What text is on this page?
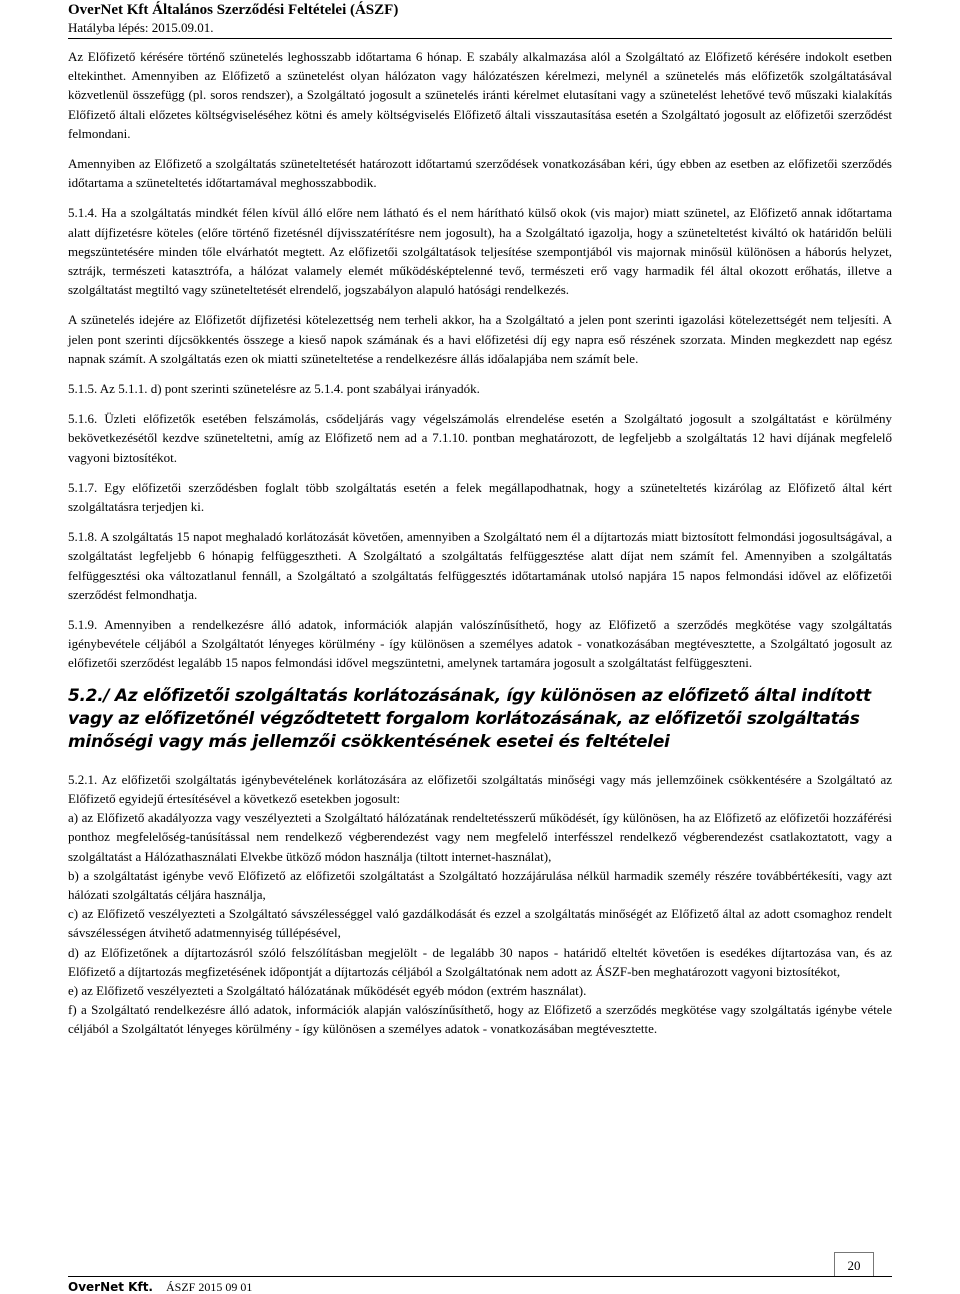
OverNet Kft Általános Szerződési Feltételei (ÁSZF)
Hatályba lépés: 2015.09.01.

Az Előfizető kérésére történő szünetelés leghosszabb időtartama 6 hónap. E szabály alkalmazása alól a Szolgáltató az Előfizető kérésére indokolt esetben eltekinthet. Amennyiben az Előfizető a szünetelést olyan hálózaton vagy hálózatészen kérelmezi, melynél a szünetelés más előfizetők szolgáltatásával közvetlenül összefügg (pl. soros rendszer), a Szolgáltató jogosult a szünetelés iránti kérelmet elutasítani vagy a szünetelést lehetővé tevő műszaki kialakítás Előfizető általi előzetes költségviseléséhez kötni és amely költségviselés Előfizető általi visszautasítása esetén a Szolgáltató jogosult az előfizetői szerződést felmondani.

Amennyiben az Előfizető a szolgáltatás szüneteltetését határozott időtartamú szerződések vonatkozásában kéri, úgy ebben az esetben az előfizetői szerződés időtartama a szüneteltetés időtartamával meghosszabbodik.

5.1.4. Ha a szolgáltatás mindkét félen kívül álló előre nem látható és el nem hárítható külső okok (vis major) miatt szünetel, az Előfizető annak időtartama alatt díjfizetésre köteles (előre történő fizetésnél díjvisszatérítésre nem jogosult), ha a Szolgáltató igazolja, hogy a szüneteltetést kiváltó ok határidőn belüli megszüntetésére minden tőle elvárhatót megtett. Az előfizetői szolgáltatások teljesítése szempontjából vis majornak minősül különösen a háborús helyzet, sztrájk, természeti katasztrófa, a hálózat valamely elemét működésképtelenné tevő, természeti erő vagy harmadik fél által okozott erőhatás, illetve a szolgáltatást megtiltó vagy szüneteltetését elrendelő, jogszabályon alapuló hatósági rendelkezés.

A szünetelés idejére az Előfizetőt díjfizetési kötelezettség nem terheli akkor, ha a Szolgáltató a jelen pont szerinti igazolási kötelezettségét nem teljesíti. A jelen pont szerinti díjcsökkentés összege a kieső napok számának és a havi előfizetési díj egy napra eső részének szorzata. Minden megkezdett nap egész napnak számít. A szolgáltatás ezen ok miatti szüneteltetése a rendelkezésre állás időalapjába nem számít bele.

5.1.5. Az 5.1.1. d) pont szerinti szünetelésre az 5.1.4. pont szabályai irányadók.

5.1.6. Üzleti előfizetők esetében felszámolás, csődeljárás vagy végelszámolás elrendelése esetén a Szolgáltató jogosult a szolgáltatást e körülmény bekövetkezésétől kezdve szüneteltetni, amíg az Előfizető nem ad a 7.1.10. pontban meghatározott, de legfeljebb a szolgáltatás 12 havi díjának megfelelő vagyoni biztosítékot.

5.1.7. Egy előfizetői szerződésben foglalt több szolgáltatás esetén a felek megállapodhatnak, hogy a szüneteltetés kizárólag az Előfizető által kért szolgáltatásra terjedjen ki.

5.1.8. A szolgáltatás 15 napot meghaladó korlátozását követően, amennyiben a Szolgáltató nem él a díjtartozás miatt biztosított felmondási jogosultságával, a szolgáltatást legfeljebb 6 hónapig felfüggesztheti. A Szolgáltató a szolgáltatás felfüggesztése alatt díjat nem számít fel. Amennyiben a szolgáltatás felfüggesztési oka változatlanul fennáll, a Szolgáltató a szolgáltatás felfüggesztés időtartamának utolsó napjára 15 napos felmondási idővel az előfizetői szerződést felmondhatja.

5.1.9. Amennyiben a rendelkezésre álló adatok, információk alapján valószínűsíthető, hogy az Előfizető a szerződés megkötése vagy szolgáltatás igénybevétele céljából a Szolgáltatót lényeges körülmény - így különösen a személyes adatok - vonatkozásában megtévesztette, a Szolgáltató jogosult az előfizetői szerződést legalább 15 napos felmondási idővel megszüntetni, amelynek tartamára jogosult a szolgáltatást felfüggeszteni.

5.2./ Az előfizetői szolgáltatás korlátozásának, így különösen az előfizető által indított vagy az előfizetőnél végződtetett forgalom korlátozásának, az előfizetői szolgáltatás minőségi vagy más jellemzői csökkentésének esetei és feltételei

5.2.1. Az előfizetői szolgáltatás igénybevételének korlátozására az előfizetői szolgáltatás minőségi vagy más jellemzőinek csökkentésére a Szolgáltató az Előfizető egyidejű értesítésével a következő esetekben jogosult:

a) az Előfizető akadályozza vagy veszélyezteti a Szolgáltató hálózatának rendeltetésszerű működését, így különösen, ha az Előfizető az előfizetői hozzáférési ponthoz megfelelőség-tanúsítással nem rendelkező végberendezést vagy nem megfelelő interfésszel rendelkező végberendezést csatlakoztatott, vagy a szolgáltatást a Hálózathasználati Elvekbe ütköző módon használja (tiltott internet-használat),

b) a szolgáltatást igénybe vevő Előfizető az előfizetői szolgáltatást a Szolgáltató hozzájárulása nélkül harmadik személy részére továbbértékesíti, vagy azt hálózati szolgáltatás céljára használja,

c) az Előfizető veszélyezteti a Szolgáltató sávszélességgel való gazdálkodását és ezzel a szolgáltatás minőségét az Előfizető által az adott csomaghoz rendelt sávszélességen átvihető adatmennyiség túllépésével,

d) az Előfizetőnek a díjtartozásról szóló felszólításban megjelölt - de legalább 30 napos - határidő elteltét követően is esedékes díjtartozása van, és az Előfizető a díjtartozás megfizetésének időpontját a díjtartozás céljából a Szolgáltatónak nem adott az ÁSZF-ben meghatározott vagyoni biztosítékot,

e) az Előfizető veszélyezteti a Szolgáltató hálózatának működését egyéb módon (extrém használat).

f) a Szolgáltató rendelkezésre álló adatok, információk alapján valószínűsíthető, hogy az Előfizető a szerződés megkötése vagy szolgáltatás igénybe vétele céljából a Szolgáltatót lényeges körülmény - így különösen a személyes adatok - vonatkozásában megtévesztette.

20
OverNet Kft. ÁSZF 2015 09 01
